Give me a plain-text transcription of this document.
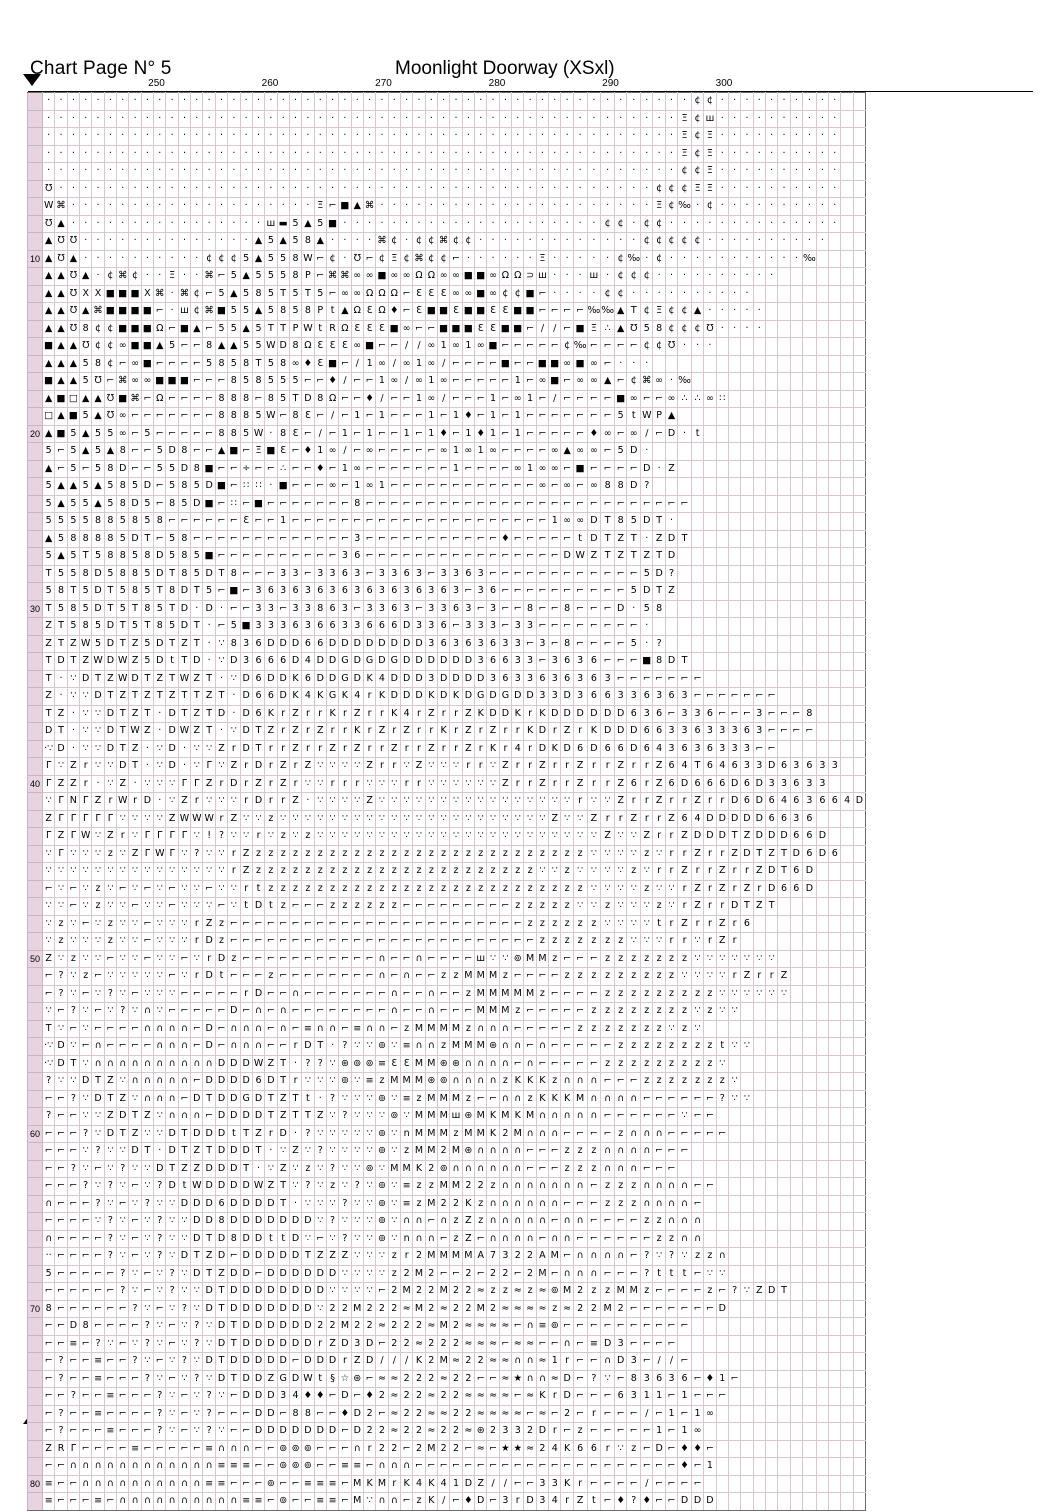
Chart Page N° 5	Moonlight Doorway (XSxl)
250	260	270	280	290	300
	·	·	·	·	·	·	·	·	·	·	·	·	·	·	·	·	·	·	·	·	·	·	·	·	·	·	·	·	·	·	·	·	·	·	·	·	·	·	·	·	·	·	·	·	·	·	·	·	·	·	·	·	¢	¢	·	·	·	·	·	·	·	·	·	·		
	·	·	·	·	·	·	·	·	·	·	·	·	·	·	·	·	·	·	·	·	·	·	·	·	·	·	·	·	·	·	·	·	·	·	·	·	·	·	·	·	·	·	·	·	·	·	·	·	·	·	·	Ξ	¢	ш	·	·	·	·	·	·	·	·	·	·		
	·	·	·	·	·	·	·	·	·	·	·	·	·	·	·	·	·	·	·	·	·	·	·	·	·	·	·	·	·	·	·	·	·	·	·	·	·	·	·	·	·	·	·	·	·	·	·	·	·	·	·	Ξ	¢	Ξ	·	·	·	·	·	·	·	·	·	·		
	·	·	·	·	·	·	·	·	·	·	·	·	·	·	·	·	·	·	·	·	·	·	·	·	·	·	·	·	·	·	·	·	·	·	·	·	·	·	·	·	·	·	·	·	·	·	·	·	·	·	·	Ξ	¢	Ξ	·	·	·	·	·	·	·	·	·	·		
	·	·	·	·	·	·	·	·	·	·	·	·	·	·	·	·	·	·	·	·	·	·	·	·	·	·	·	·	·	·	·	·	·	·	·	·	·	·	·	·	·	·	·	·	·	·	·	·	·	·	·	¢	¢	Ξ	·	·	·	·	·	·	·	·	·	·		
	℧	·	·	·	·	·	·	·	·	·	·	·	·	·	·	·	·	·	·	·	·	·	·	·	·	·	·	·	·	·	·	·	·	·	·	·	·	·	·	·	·	·	·	·	·	·	·	·	·	¢	¢	¢	Ξ	Ξ	·	·	·	·	·	·	·	·	·	·		
	W	⌘	·	·	·	·	·	·	·	·	·	·	·	·	·	·	·	·	·	·	·	·	Ξ	⌐	■	▲	⌘	·	·	·	·	·	·	·	·	·	·	·	·	·	·	·	·	·	·	·	·	·	·	Ξ	¢	‰	·	¢	·	·	·	·	·	·	·	·	·	·		
	℧	▲	·	·	·	·	·	·	·	·	·	·	·	·	·	·	·	·	ш	▬	5	▲	5	■	·	·	·	·	·	·	·	·	·	·	·	·	·	·	·	·	·	·	·	·	·	¢	¢	·	¢	¢	·	·	·	·	·	·	·	·	·	·	·	·	·	·		
	▲	℧	℧	·	·	·	·	·	·	·	·	·	·	·	·	·	·	▲	5	▲	5	8	▲	·	·	·	·	⌘	¢	·	¢	¢	⌘	¢	¢	·	·	·	·	·	·	·	·	·	·	·	·	·	¢	¢	¢	¢	¢	·	·	·	·	·	·	·	·	·	·			
10	▲	℧	▲	·	·	·	·	·	·	·	·	·	·	¢	¢	¢	5	▲	5	5	8	W	⌐	¢	·	℧	⌐	¢	Ξ	¢	⌘	¢	¢	⌐	·	·	·	·	·	·	Ξ	·	·	·	·	·	¢	‰	·	¢	·	·	·	·	·	·	·	·	·	·	·	‰				
	▲	▲	℧	▲	·	¢	⌘	¢	·	·	Ξ	·	·	⌘	⌐	5	▲	5	5	5	8	P	⌐	⌘	⌘	∞	∞	■	∞	∞	Ω	Ω	∞	∞	■	■	∞	Ω	Ω	⊃	ш	·	·	·	ш	·	¢	¢	¢	·	·	·	·	·	·	·	·	·	·							
	▲	▲	℧	X	X	■	■	■	X	⌘	·	⌘	¢	⌐	5	▲	5	8	5	T	5	T	5	⌐	∞	∞	Ω	Ω	Ω	⌐	Ɛ	Ɛ	Ɛ	∞	∞	■	∞	¢	¢	■	⌐	·	·	·	·	¢	¢	·	·	·	·	·	·	·	·	·	·									
	▲	▲	℧	▲	⌘	■	■	■	■	⌐	·	ш	¢	⌘	■	5	5	▲	5	8	5	8	P	t	▲	Ω	Ɛ	Ω	♦	⌐	Ɛ	■	■	Ɛ	■	■	Ɛ	Ɛ	■	■	⌐	⌐	⌐	⌐	‰	‰	▲	T	¢	Ξ	¢	¢	▲	·	·	·	·	·								
	▲	▲	℧	8	¢	¢	■	■	■	Ω	⌐	■	▲	⌐	5	5	▲	5	T	T	P	W	t	R	Ω	Ɛ	Ɛ	Ɛ	■	∞	⌐	⌐	■	■	■	Ɛ	Ɛ	■	■	⌐	∕	∕	⌐	■	Ξ	∴	▲	℧	5	8	¢	¢	¢	℧	·	·	·	·								
	■	▲	▲	℧	¢	¢	∞	■	■	▲	5	⌐	⌐	8	▲	▲	5	5	W	D	8	Ω	Ɛ	Ɛ	Ɛ	∞	■	⌐	⌐	∕	∕	∞	1	∞	1	∞	■	⌐	⌐	⌐	⌐	⌐	¢	‰	⌐	⌐	⌐	⌐	¢	¢	℧	·	·	·												
	▲	▲	▲	5	8	¢	⌐	∞	■	⌐	⌐	⌐	⌐	5	8	5	8	T	5	8	∞	♦	Ɛ	■	⌐	∕	1	∞	∕	∞	1	∞	∕	⌐	⌐	⌐	⌐	■	⌐	⌐	■	■	∞	■	∞	⌐	·	·	·																	
	■	▲	▲	5	℧	⌐	⌘	∞	∞	■	■	■	⌐	⌐	⌐	8	5	8	5	5	5	⌐	⌐	♦	∕	⌐	⌐	1	∞	∕	∞	1	∞	⌐	⌐	⌐	⌐	⌐	1	⌐	∞	■	⌐	∞	∞	▲	⌐	¢	⌘	∞	·	‰														
	▲	■	□	▲	▲	℧	■	⌘	⌐	Ω	⌐	⌐	⌐	⌐	8	8	8	⌐	8	5	T	D	8	Ω	⌐	⌐	♦	∕	⌐	⌐	1	∞	∕	⌐	⌐	⌐	1	⌐	∞	1	⌐	∕	⌐	⌐	⌐	⌐	■	∞	⌐	⌐	∞	∴	∴	∞	∷											
	□	▲	■	5	▲	℧	∞	⌐	⌐	⌐	⌐	⌐	⌐	⌐	8	8	8	5	W	⌐	8	Ɛ	⌐	∕	⌐	1	⌐	1	⌐	⌐	⌐	1	⌐	1	♦	⌐	1	⌐	1	⌐	⌐	⌐	⌐	⌐	⌐	⌐	5	t	W	P	▲															
20	▲	■	5	▲	5	5	∞	⌐	5	⌐	⌐	⌐	⌐	⌐	8	8	5	W	·	8	Ɛ	⌐	∕	⌐	1	⌐	1	⌐	⌐	1	⌐	1	♦	⌐	1	♦	1	⌐	1	⌐	⌐	⌐	⌐	⌐	♦	∞	⌐	∞	∕	⌐	D	·	t													
	5	⌐	5	▲	5	▲	8	⌐	⌐	5	D	8	⌐	⌐	▲	■	⌐	Ξ	■	Ɛ	⌐	♦	1	∞	∕	⌐	∞	⌐	⌐	⌐	⌐	⌐	∞	1	∞	1	∞	⌐	⌐	⌐	⌐	∞	▲	∞	∞	⌐	5	D	·																	
	▲	⌐	5	⌐	5	8	D	⌐	⌐	5	5	D	8	■	⌐	⌐	÷	⌐	⌐	∴	⌐	⌐	♦	⌐	1	∞	⌐	⌐	⌐	⌐	⌐	⌐	⌐	1	⌐	⌐	⌐	⌐	∞	1	∞	∞	⌐	■	⌐	⌐	⌐	⌐	D	·	Z															
	5	▲	▲	5	▲	5	8	5	D	⌐	5	8	5	D	■	⌐	∷	∷	·	■	⌐	⌐	⌐	∞	⌐	1	∞	1	⌐	⌐	⌐	⌐	⌐	⌐	⌐	⌐	⌐	⌐	⌐	⌐	∞	⌐	∞	⌐	∞	8	8	D	?																	
	5	▲	5	5	▲	5	8	D	5	⌐	8	5	D	■	⌐	∷	⌐	■	⌐	⌐	⌐	⌐	⌐	⌐	⌐	8	⌐	⌐	⌐	⌐	⌐	⌐	⌐	⌐	⌐	⌐	⌐	⌐	⌐	⌐	⌐	⌐	⌐	⌐	⌐	⌐	⌐	⌐	⌐	⌐	⌐	⌐														
	5	5	5	5	8	8	5	8	5	8	⌐	⌐	⌐	⌐	⌐	⌐	Ɛ	⌐	⌐	1	⌐	⌐	⌐	⌐	⌐	⌐	⌐	⌐	⌐	⌐	⌐	⌐	⌐	⌐	⌐	⌐	⌐	⌐	⌐	⌐	⌐	1	∞	∞	D	T	8	5	D	T	·															
	▲	5	8	8	8	8	5	D	T	⌐	5	8	⌐	⌐	⌐	⌐	⌐	⌐	⌐	⌐	⌐	⌐	⌐	⌐	⌐	3	⌐	⌐	⌐	⌐	⌐	⌐	⌐	⌐	⌐	⌐	⌐	♦	⌐	⌐	⌐	⌐	⌐	t	D	T	Z	T	·	Z	D	T														
	5	▲	5	T	5	8	8	5	8	D	5	8	5	■	⌐	⌐	⌐	⌐	⌐	⌐	⌐	⌐	⌐	⌐	3	6	⌐	⌐	⌐	⌐	⌐	⌐	⌐	⌐	⌐	⌐	⌐	⌐	⌐	⌐	⌐	⌐	D	W	Z	T	Z	T	Z	T	D															
	T	5	5	8	D	5	8	8	5	D	T	8	5	D	T	8	⌐	⌐	⌐	3	3	⌐	3	3	6	3	⌐	3	3	6	3	⌐	3	3	6	3	⌐	⌐	⌐	⌐	⌐	⌐	⌐	⌐	⌐	⌐	⌐	⌐	5	D	?															
	5	8	T	5	D	T	5	8	5	T	8	D	T	5	⌐	■	⌐	3	6	3	6	3	6	3	6	3	6	3	6	3	6	3	6	3	⌐	3	6	⌐	⌐	⌐	⌐	⌐	⌐	⌐	⌐	⌐	⌐	5	D	T	Z															
30	T	5	8	5	D	T	5	T	8	5	T	D	·	D	·	⌐	⌐	3	3	⌐	3	3	8	6	3	⌐	3	3	6	3	⌐	3	3	6	3	⌐	3	⌐	⌐	8	⌐	⌐	8	⌐	⌐	⌐	D	·	5	8																
	Z	T	5	8	5	D	T	5	T	8	5	D	T	·	⌐	5	■	3	3	3	6	3	6	6	3	3	6	6	6	D	3	3	6	⌐	3	3	3	⌐	3	3	⌐	⌐	⌐	⌐	⌐	⌐	⌐	⌐	·																	
	Z	T	Z	W	5	D	T	Z	5	D	T	Z	T	·	∵	8	3	6	D	D	D	6	6	D	D	D	D	D	D	D	D	3	6	3	6	3	6	3	3	⌐	3	⌐	8	⌐	⌐	⌐	⌐	5	·	?																
	T	D	T	Z	W	D	W	Z	5	D	t	T	D	·	∵	D	3	6	6	6	D	4	D	D	G	D	G	D	G	D	D	D	D	D	D	3	6	6	3	3	⌐	3	6	3	6	⌐	⌐	⌐	■	8	D	T														
	T	·	∵	D	T	Z	W	D	T	Z	T	W	Z	T	·	∵	D	6	D	D	K	6	D	D	G	D	K	4	D	D	D	3	D	D	D	D	3	6	3	3	6	3	6	3	6	3	⌐	⌐	⌐	⌐	⌐	⌐	⌐													
	Z	·	∵	∵	D	T	Z	T	Z	T	Z	T	T	Z	T	·	D	6	6	D	K	4	K	G	K	4	r	K	D	D	D	K	D	K	D	G	D	G	D	D	3	3	D	3	6	6	3	3	6	3	6	3	⌐	⌐	⌐	⌐	⌐	⌐	⌐							
	T	Z	·	∵	∵	D	T	Z	T	·	D	T	Z	T	D	·	D	6	K	r	Z	r	r	K	r	Z	r	r	K	4	r	Z	r	r	Z	K	D	D	K	r	K	D	D	D	D	D	D	6	3	6	⌐	3	3	6	⌐	⌐	⌐	3	⌐	⌐	⌐	8				
	D	T	·	∵	∵	D	T	W	Z	·	D	W	Z	T	·	∵	D	T	Z	r	Z	r	Z	r	r	K	r	Z	r	Z	r	r	K	r	Z	r	Z	r	r	K	D	r	Z	r	K	D	D	D	6	6	3	3	6	3	3	3	6	3	⌐	⌐	⌐	⌐				
	·∵	D	·	∵	∵	D	T	Z	·	∵	D	·	∵	∵	Z	r	D	T	r	r	Z	r	r	Z	r	Z	r	r	Z	r	r	Z	r	r	Z	r	K	r	4	r	D	K	D	6	D	6	6	D	6	4	3	6	3	6	3	3	3	⌐	⌐							
	Γ	∵	Z	r	∵	∵	D	T	·	∵	D	·	∵	Γ	∵	Z	r	D	r	Z	r	Z	∵	∵	∵	∵	Z	r	r	∵	Z	∵	∵	∵	r	r	∵	Z	r	r	Z	r	r	Z	r	r	Z	r	r	Z	6	4	T	6	4	6	3	3	D	6	3	6	3	3		
40	Γ	Z	Z	r	·	∵	Z	·	∵	∵	∵	Γ	Γ	Z	r	D	r	Z	r	Z	r	∵	∵	r	r	r	∵	∵	∵	r	r	∵	∵	∵	∵	∵	∵	Z	r	r	Z	r	r	Z	r	r	Z	6	r	Z	6	D	6	6	6	D	6	D	3	3	6	3	3			
	∵	Γ	N	Γ	Z	r	W	r	D	·	∵	Z	r	∵	∵	∵	r	D	r	r	Z	·	∵	∵	∵	∵	Z	∵	∵	∵	∵	∵	∵	∵	∵	∵	∵	∵	∵	∵	∵	∵	∵	r	∵	∵	Z	r	r	Z	r	r	Z	r	r	D	6	D	6	4	6	3	6	6	4	D
	Z	Γ	Γ	Γ	Γ	Γ	∵	∵	∵	∵	Z	W	W	W	r	Z	∵	∵	z	∵	∵	∵	∵	∵	∵	∵	∵	∵	∵	∵	∵	∵	∵	∵	∵	∵	∵	∵	∵	∵	∵	Z	∵	∵	Z	r	r	Z	r	r	Z	6	4	D	D	D	D	D	6	6	3	6				
	Γ	Z	Γ	W	∵	Z	r	∵	Γ	Γ	Γ	Γ	∵	!	?	∵	∵	r	∵	z	∵	z	∵	∵	∵	∵	∵	∵	∵	∵	∵	∵	∵	∵	∵	∵	∵	∵	∵	∵	∵	∵	∵	∵	∵	Z	∵	∵	Z	r	r	Z	D	D	D	T	Z	D	D	D	6	6	D			
	∵	Γ	∵	∵	∵	z	∵	Z	Γ	W	Γ	∵	?	∵	∵	r	Z	z	z	z	z	z	z	z	z	z	z	z	z	z	z	z	z	z	z	z	z	z	z	z	z	z	z	z	∵	∵	∵	∵	z	∵	r	r	Z	r	r	Z	D	T	Z	T	D	6	D	6		
	∵	∵	∵	∵	∵	∵	∵	∵	∵	∵	∵	∵	∵	∵	∵	r	Z	z	z	z	z	z	z	z	z	z	z	z	z	z	z	z	z	z	z	z	z	z	z	z	∵	∵	z	∵	∵	∵	∵	z	∵	r	r	Z	r	r	Z	r	r	Z	D	T	6	D				
	⌐	∵	⌐	∵	z	∵	⌐	∵	⌐	∵	⌐	∵	∵	⌐	∵	∵	r	t	z	z	z	z	z	z	z	z	z	z	z	z	z	z	z	z	z	z	z	z	z	z	z	z	z	z	∵	∵	∵	∵	z	∵	∵	r	Z	r	Z	r	Z	r	D	6	6	D				
	∵	∵	⌐	∵	z	∵	∵	⌐	∵	∵	⌐	∵	∵	∵	⌐	∵	t	D	t	z	⌐	⌐	⌐	z	z	z	z	z	z	⌐	⌐	⌐	⌐	⌐	⌐	⌐	⌐	⌐	z	z	z	z	z	∵	∵	z	∵	∵	∵	z	∵	r	Z	r	r	D	T	Z	T							
	∵	z	∵	⌐	∵	z	∵	∵	⌐	∵	∵	∵	r	Z	z	⌐	⌐	⌐	⌐	⌐	⌐	⌐	⌐	⌐	⌐	⌐	⌐	⌐	⌐	⌐	⌐	⌐	⌐	⌐	⌐	⌐	⌐	⌐	⌐	z	z	z	z	z	z	∵	∵	∵	∵	t	r	Z	r	r	Z	r	6									
	∵	z	∵	∵	∵	z	∵	∵	⌐	∵	∵	∵	r	D	z	⌐	⌐	⌐	⌐	⌐	⌐	⌐	⌐	⌐	⌐	⌐	⌐	⌐	⌐	⌐	⌐	⌐	⌐	⌐	⌐	⌐	⌐	⌐	⌐	⌐	z	z	z	z	z	z	z	∵	∵	∵	r	r	∵	r	Z	r										
50	Z	∵	z	∵	∵	⌐	∵	∵	⌐	∵	∵	⌐	∵	r	D	z	⌐	⌐	⌐	⌐	⌐	⌐	⌐	⌐	⌐	⌐	⌐	∩	⌐	⌐	∩	⌐	⌐	⌐	⌐	ш	∵	∵	⊚	M	M	z	⌐	⌐	⌐	z	z	z	z	z	z	z	∵	∵	∵	∵	∵	∵	∵							
	⌐	?	∵	z	⌐	∵	∵	∵	∵	∵	⌐	∵	r	D	t	⌐	⌐	⌐	z	⌐	⌐	⌐	⌐	⌐	⌐	⌐	⌐	∩	⌐	∩	⌐	⌐	z	z	M	M	M	z	⌐	⌐	⌐	⌐	z	z	z	z	z	z	z	z	z	∵	∵	∵	∵	r	Z	r	r	Z						
	⌐	?	∵	⌐	∵	?	∵	⌐	∵	∵	∵	⌐	⌐	⌐	⌐	⌐	r	D	⌐	⌐	∩	⌐	⌐	⌐	⌐	⌐	⌐	⌐	∩	⌐	⌐	∩	⌐	⌐	z	M	M	M	M	M	z	⌐	⌐	⌐	⌐	z	z	z	z	z	z	z	z	z	∵	∵	∵	∵	∵	∵						
	∵	⌐	?	∵	⌐	∵	?	∵	∩	∵	⌐	⌐	⌐	⌐	⌐	D	⌐	∩	⌐	∩	⌐	⌐	⌐	⌐	⌐	⌐	⌐	⌐	∩	⌐	⌐	∩	⌐	⌐	⌐	M	M	M	z	⌐	⌐	⌐	⌐	⌐	z	z	z	z	z	z	z	z	∵	z	∵	∵										
	T	∵	⌐	∵	⌐	⌐	⌐	⌐	∩	∩	∩	∩	⌐	D	⌐	∩	∩	∩	⌐	∩	⌐	≡	∩	∩	⌐	≡	∩	∩	⌐	z	M	M	M	M	z	∩	∩	∩	⌐	⌐	⌐	⌐	⌐	z	z	z	z	z	z	z	∵	z	∵													
	·∵	D	∵	⌐	∩	⌐	⌐	⌐	⌐	∩	∩	∩	⌐	D	⌐	∩	∩	∩	⌐	⌐	r	D	T	·	?	∵	∵	⊚	∵	≡	∩	∩	z	M	M	M	⊛	∩	∩	⌐	∩	⌐	⌐	⌐	⌐	⌐	z	z	z	z	z	z	z	z	t	∵	∵									
	·∵	D	T	∵	∩	∩	∩	∩	∩	∩	∩	∩	∩	∩	D	D	D	W	Z	T	·	?	?	∵	⊛	⊚	⊚	≡	Ɛ	Ɛ	M	M	⊛	⊛	∩	∩	∩	∩	⌐	∩	⌐	⌐	⌐	⌐	⌐	z	z	z	z	z	z	z	z	z	∵											
	?	∵	∵	D	T	Z	∵	∩	∩	∩	∩	∩	⌐	D	D	D	D	6	D	T	r	∵	∵	∵	⊚	∵	≡	z	M	M	M	⊛	⊚	∩	∩	∩	∩	z	K	K	K	z	∩	∩	∩	⌐	⌐	⌐	z	z	z	z	z	z	z	∵										
	⌐	⌐	?	∵	D	T	Z	∵	∩	∩	∩	⌐	D	T	D	D	G	D	T	Z	T	t	·	?	∵	∵	∵	⊚	∵	≡	z	M	M	M	z	⌐	⌐	∩	∩	z	K	K	K	M	∩	∩	∩	∩	⌐	⌐	⌐	⌐	⌐	⌐	?	∵	∵									
	?	⌐	⌐	∵	∵	Z	D	T	Z	∵	∩	∩	∩	⌐	D	D	D	D	T	Z	T	T	Z	∵	?	∵	∵	∵	⊚	∵	M	M	M	ш	⊛	M	K	M	K	M	∩	∩	∩	∩	∩	⌐	⌐	⌐	⌐	⌐	⌐	∵	⌐	⌐												
60	⌐	⌐	⌐	?	∵	D	T	Z	∵	∵	D	T	D	D	D	t	T	Z	r	D	·	?	∵	∵	∵	∵	∵	⊚	∵	n	M	M	M	z	M	M	K	2	M	∩	∩	∩	⌐	⌐	⌐	⌐	z	∩	∩	∩	⌐	⌐	⌐	⌐	⌐											
	⌐	⌐	⌐	∵	?	∵	∵	D	T	·	D	T	Z	T	D	D	D	T	·	∵	Z	∵	?	∵	∵	∵	∵	⊚	∵	z	M	M	2	M	⊛	∩	∩	∩	∩	⌐	⌐	⌐	z	z	z	∩	∩	∩	∩	⌐	⌐	⌐														
	⌐	⌐	?	∵	⌐	∵	?	∵	∵	D	T	Z	Z	D	D	D	T	·	∵	Z	∵	z	∵	?	∵	∵	⊚	∵	M	M	K	2	⊚	∩	∩	∩	∩	∩	∩	⌐	⌐	⌐	z	z	z	∩	∩	∩	⌐	⌐	⌐															
	⌐	⌐	⌐	?	∵	?	∵	⌐	∵	?	D	t	W	D	D	D	D	W	Z	T	∵	?	∵	z	∵	?	∵	⊚	∵	≡	z	z	M	M	2	2	z	∩	∩	∩	∩	∩	∩	∩	⌐	z	z	z	∩	∩	∩	∩	⌐	⌐												
	∩	⌐	⌐	⌐	?	∵	⌐	∵	?	∵	∵	D	D	D	6	D	D	D	D	T	·	∵	∵	∵	?	∵	∵	⊚	∵	≡	z	M	2	2	K	z	∩	∩	∩	∩	∩	∩	⌐	⌐	⌐	z	z	z	∩	∩	∩	∩	⌐													
	⌐	⌐	⌐	⌐	∵	?	∵	⌐	∵	?	∵	∵	D	D	8	D	D	D	D	D	D	D	∵	?	∵	∵	∵	⊚	∵	∩	∩	⌐	∩	z	Z	z	∩	∩	∩	∩	∩	⌐	∩	∩	⌐	⌐	⌐	⌐	z	z	∩	∩	∩													
	∩	⌐	⌐	⌐	⌐	?	∵	⌐	∵	?	∵	∵	D	T	D	8	D	D	t	t	D	∵	⌐	∵	?	∵	∵	⊚	∵	n	∩	∩	⌐	z	Z	⌐	∩	∩	∩	∩	⌐	∩	∩	⌐	⌐	⌐	⌐	⌐	⌐	z	z	∩	∩													
	··	⌐	⌐	⌐	⌐	?	∵	⌐	∵	?	∵	D	T	Z	D	⌐	D	D	D	D	D	T	Z	Z	Z	∵	∵	∵	z	r	2	M	M	M	M	A	7	3	2	2	A	M	⌐	∩	∩	∩	∩	⌐	?	∵	?	∵	z	z	∩											
	5	⌐	⌐	⌐	⌐	⌐	?	∵	⌐	∵	?	∵	D	T	Z	D	D	⌐	D	D	D	D	D	D	∵	∵	∵	∵	z	2	M	2	⌐	⌐	2	⌐	2	2	⌐	2	M	⌐	∩	∩	∩	⌐	⌐	⌐	?	t	t	t	⌐	∵	∵											
	⌐	⌐	⌐	⌐	⌐	⌐	?	∵	⌐	∵	?	∵	∵	D	T	D	D	D	D	D	D	D	D	∵	∵	∵	∵	⌐	2	M	2	2	M	2	2	≈	z	z	≈	z	≈	⊚	M	2	z	z	M	M	z	⌐	⌐	⌐	⌐	z	⌐	?	∵	Z	D	T						
70	8	⌐	⌐	⌐	⌐	⌐	⌐	?	∵	⌐	∵	?	∵	D	T	D	D	D	D	D	D	D	∵	2	2	M	2	2	2	≈	M	2	≈	2	2	M	2	≈	≈	≈	≈	z	≈	2	2	M	2	⌐	⌐	⌐	⌐	⌐	⌐	⌐	D											
	⌐	⌐	D	8	⌐	⌐	⌐	⌐	?	∵	⌐	∵	?	∵	D	T	D	D	D	D	D	D	2	2	M	2	2	≈	2	2	2	≈	M	2	≈	≈	≈	≈	⌐	∩	≡	⊚	⌐	⌐	⌐	⌐	⌐	⌐	⌐	⌐	⌐	⌐														
	⌐	⌐	≡	⌐	?	∵	⌐	∵	?	∵	⌐	∵	?	∵	D	T	D	D	D	D	D	D	r	Z	D	3	D	⌐	2	2	≈	2	2	2	≈	≈	≈	⌐	≈	≈	⌐	⌐	∩	⌐	≡	D	3	⌐	⌐	⌐	⌐															
	⌐	?	⌐	⌐	≡	⌐	⌐	?	∵	⌐	∵	?	∵	D	T	D	D	D	D	D	⌐	D	D	D	r	Z	D	∕	∕	∕	K	2	M	≈	2	2	≈	≈	∩	∩	≈	1	r	⌐	⌐	∩	D	3	⌐	∕	∕	⌐														
	⌐	?	⌐	⌐	≡	⌐	⌐	⌐	?	∵	⌐	∵	?	∵	D	T	D	D	Z	G	D	W	t	§	☆	⊛	⌐	≈	≈	2	2	2	≈	2	2	⌐	⌐	≈	★	∩	∩	≈	D	⌐	?	∵	⌐	8	3	6	3	6	⌐	♦	1	⌐										
	⌐	⌐	?	⌐	⌐	≡	⌐	⌐	⌐	?	∵	⌐	∵	?	∵	⌐	D	D	D	3	4	♦	♦	⌐	D	⌐	♦	2	≈	2	2	≈	2	2	≈	≈	≈	≈	⌐	≈	K	r	D	⌐	⌐	⌐	6	3	1	1	⌐	1	⌐	⌐	⌐											
	⌐	?	⌐	⌐	≡	⌐	⌐	⌐	⌐	?	∵	⌐	∵	?	⌐	⌐	⌐	D	D	⌐	8	8	⌐	⌐	♦	D	2	⌐	≈	2	2	≈	≈	2	2	≈	≈	≈	≈	⌐	≈	⌐	2	⌐	r	⌐	⌐	⌐	∕	⌐	1	⌐	1	∞												
	⌐	?	⌐	⌐	⌐	≡	⌐	⌐	⌐	?	∵	⌐	∵	?	∵	⌐	⌐	D	D	D	D	D	D	D	⌐	D	2	2	≈	2	2	≈	2	2	≈	⊛	2	3	3	2	D	r	⌐	z	⌐	⌐	⌐	⌐	⌐	1	⌐	1	∞													
	Z	R	Γ	⌐	⌐	⌐	⌐	≡	⌐	⌐	⌐	⌐	⌐	≡	∩	∩	∩	⌐	⌐	⊚	⊚	⊚	⌐	⌐	⌐	∩	r	2	2	⌐	2	M	2	2	⌐	≈	⌐	★	★	≈	2	4	K	6	6	r	∵	z	⌐	D	⌐	♦	♦	⌐												
	⌐	⌐	∩	∩	∩	∩	∩	∩	∩	∩	∩	∩	∩	∩	≡	≡	≡	⌐	⌐	⊚	⊚	⊚	⌐	⌐	≡	≡	⌐	∩	∩	∩	⌐	⌐	⌐	⌐	⌐	⌐	⌐	⌐	⌐	⌐	⌐	⌐	⌐	⌐	⌐	⌐	⌐	⌐	⌐	⌐	⌐	♦	⌐	1												
80	≡	⌐	⌐	∩	∩	∩	∩	∩	∩	∩	∩	∩	∩	≡	≡	⌐	⌐	⌐	⊚	⌐	⌐	≡	≡	≡	⌐	M	K	M	r	K	4	K	4	1	D	Z	∕	∕	⌐	⌐	3	3	K	r	⌐	⌐	⌐	⌐	∕	⌐	⌐	⌐	⌐													
	≡	⌐	⌐	⌐	≡	⌐	∩	∩	∩	∩	∩	∩	∩	∩	∩	∩	≡	≡	⌐	⊚	⌐	⌐	≡	≡	⌐	M	∵	∩	∩	⌐	z	K	∕	⌐	♦	D	⌐	3	r	D	3	4	r	Z	t	⌐	♦	?	♦	⌐	⌐	D	D	D												
